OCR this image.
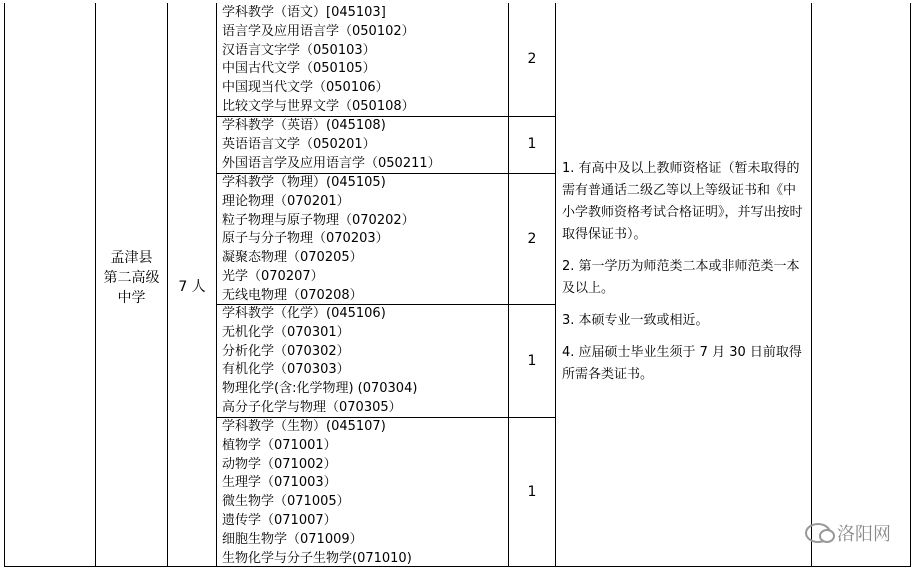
孟津县
第二高级
中学
7 人
学科教学（语文）[045103]
语言学及应用语言学（050102）
汉语言文字学（050103）
中国古代文学（050105）
中国现当代文学（050106）
比较文学与世界文学（050108）
2
学科教学（英语）(045108)
英语语言文学（050201）
外国语言学及应用语言学（050211）
1
学科教学（物理）(045105)
理论物理（070201）
粒子物理与原子物理（070202）
原子与分子物理（070203）
凝聚态物理（070205）
光学（070207）
无线电物理（070208）
2
学科教学（化学）(045106)
无机化学（070301）
分析化学（070302）
有机化学（070303）
物理化学(含:化学物理) (070304)
高分子化学与物理（070305）
1
学科教学（生物）(045107)
植物学（071001）
动物学（071002）
生理学（071003）
微生物学（071005）
遗传学（071007）
细胞生物学（071009）
生物化学与分子生物学(071010)
1

1. 有高中及以上教师资格证（暂未取得的需有普通话二级乙等以上等级证书和《中小学教师资格考试合格证明》，并写出按时取得保证书）。

2. 第一学历为师范类二本或非师范类一本及以上。

3. 本硕专业一致或相近。

4. 应届硕士毕业生须于 7 月 30 日前取得所需各类证书。

洛阳网
